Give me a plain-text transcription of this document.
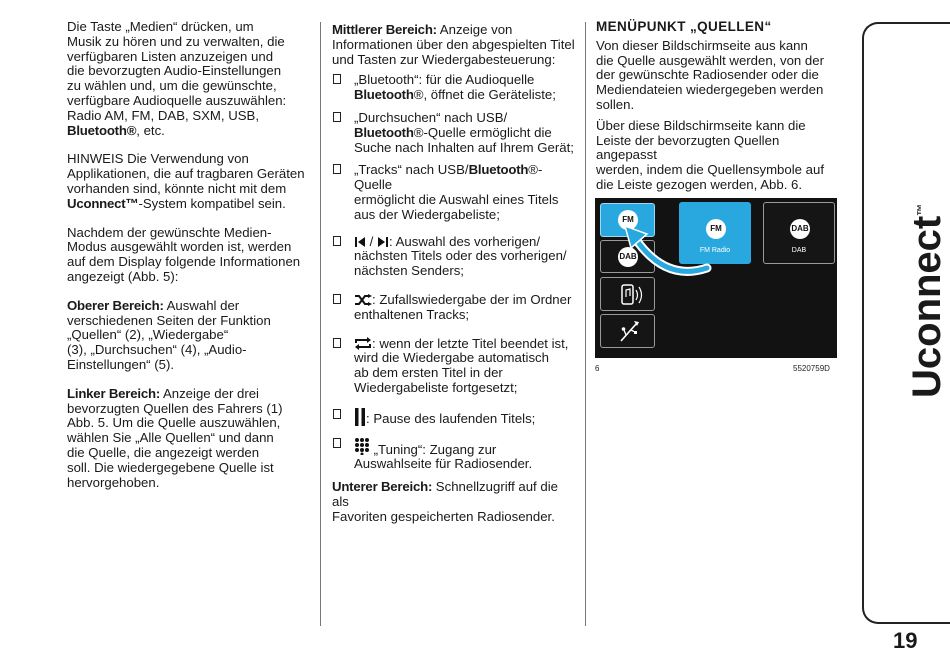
Die Taste „Medien“ drücken, um
Musik zu hören und zu verwalten, die
verfügbaren Listen anzuzeigen und
die bevorzugten Audio-Einstellungen
zu wählen und, um die gewünschte,
verfügbare Audioquelle auszuwählen:
Radio AM, FM, DAB, SXM, USB,
Bluetooth®, etc.

HINWEIS Die Verwendung von
Applikationen, die auf tragbaren Geräten
vorhanden sind, könnte nicht mit dem
Uconnect™-System kompatibel sein.

Nachdem der gewünschte Medien-
Modus ausgewählt worden ist, werden
auf dem Display folgende Informationen
angezeigt (Abb. 5):

Oberer Bereich: Auswahl der
verschiedenen Seiten der Funktion
„Quellen“ (2), „Wiedergabe“
(3), „Durchsuchen“ (4), „Audio-
Einstellungen“ (5).

Linker Bereich: Anzeige der drei
bevorzugten Quellen des Fahrers (1)
Abb. 5. Um die Quelle auszuwählen,
wählen Sie „Alle Quellen“ und dann
die Quelle, die angezeigt werden
soll. Die wiedergegebene Quelle ist
hervorgehoben.

Mittlerer Bereich: Anzeige von
Informationen über den abgespielten Titel
und Tasten zur Wiedergabesteuerung:

„Bluetooth“: für die Audioquelle
Bluetooth®, öffnet die Geräteliste;
„Durchsuchen“ nach USB/
Bluetooth®-Quelle ermöglicht die
Suche nach Inhalten auf Ihrem Gerät;
„Tracks“ nach USB/Bluetooth®-Quelle
ermöglicht die Auswahl eines Titels
aus der Wiedergabeliste;
/ : Auswahl des vorherigen/
nächsten Titels oder des vorherigen/
nächsten Senders;
: Zufallswiedergabe der im Ordner
enthaltenen Tracks;
: wenn der letzte Titel beendet ist,
wird die Wiedergabe automatisch
ab dem ersten Titel in der
Wiedergabeliste fortgesetzt;
: Pause des laufenden Titels;
„Tuning“: Zugang zur
Auswahlseite für Radiosender.

Unterer Bereich: Schnellzugriff auf die als
Favoriten gespeicherten Radiosender.

MENÜPUNKT „QUELLEN“

Von dieser Bildschirmseite aus kann
die Quelle ausgewählt werden, von der
der gewünschte Radiosender oder die
Mediendateien wiedergegeben werden
sollen.

Über diese Bildschirmseite kann die
Leiste der bevorzugten Quellen angepasst
werden, indem die Quellensymbole auf
die Leiste gezogen werden, Abb. 6.

FM
DAB
FM
FM Radio
DAB
DAB
6	5520759D Uconnect™
19
